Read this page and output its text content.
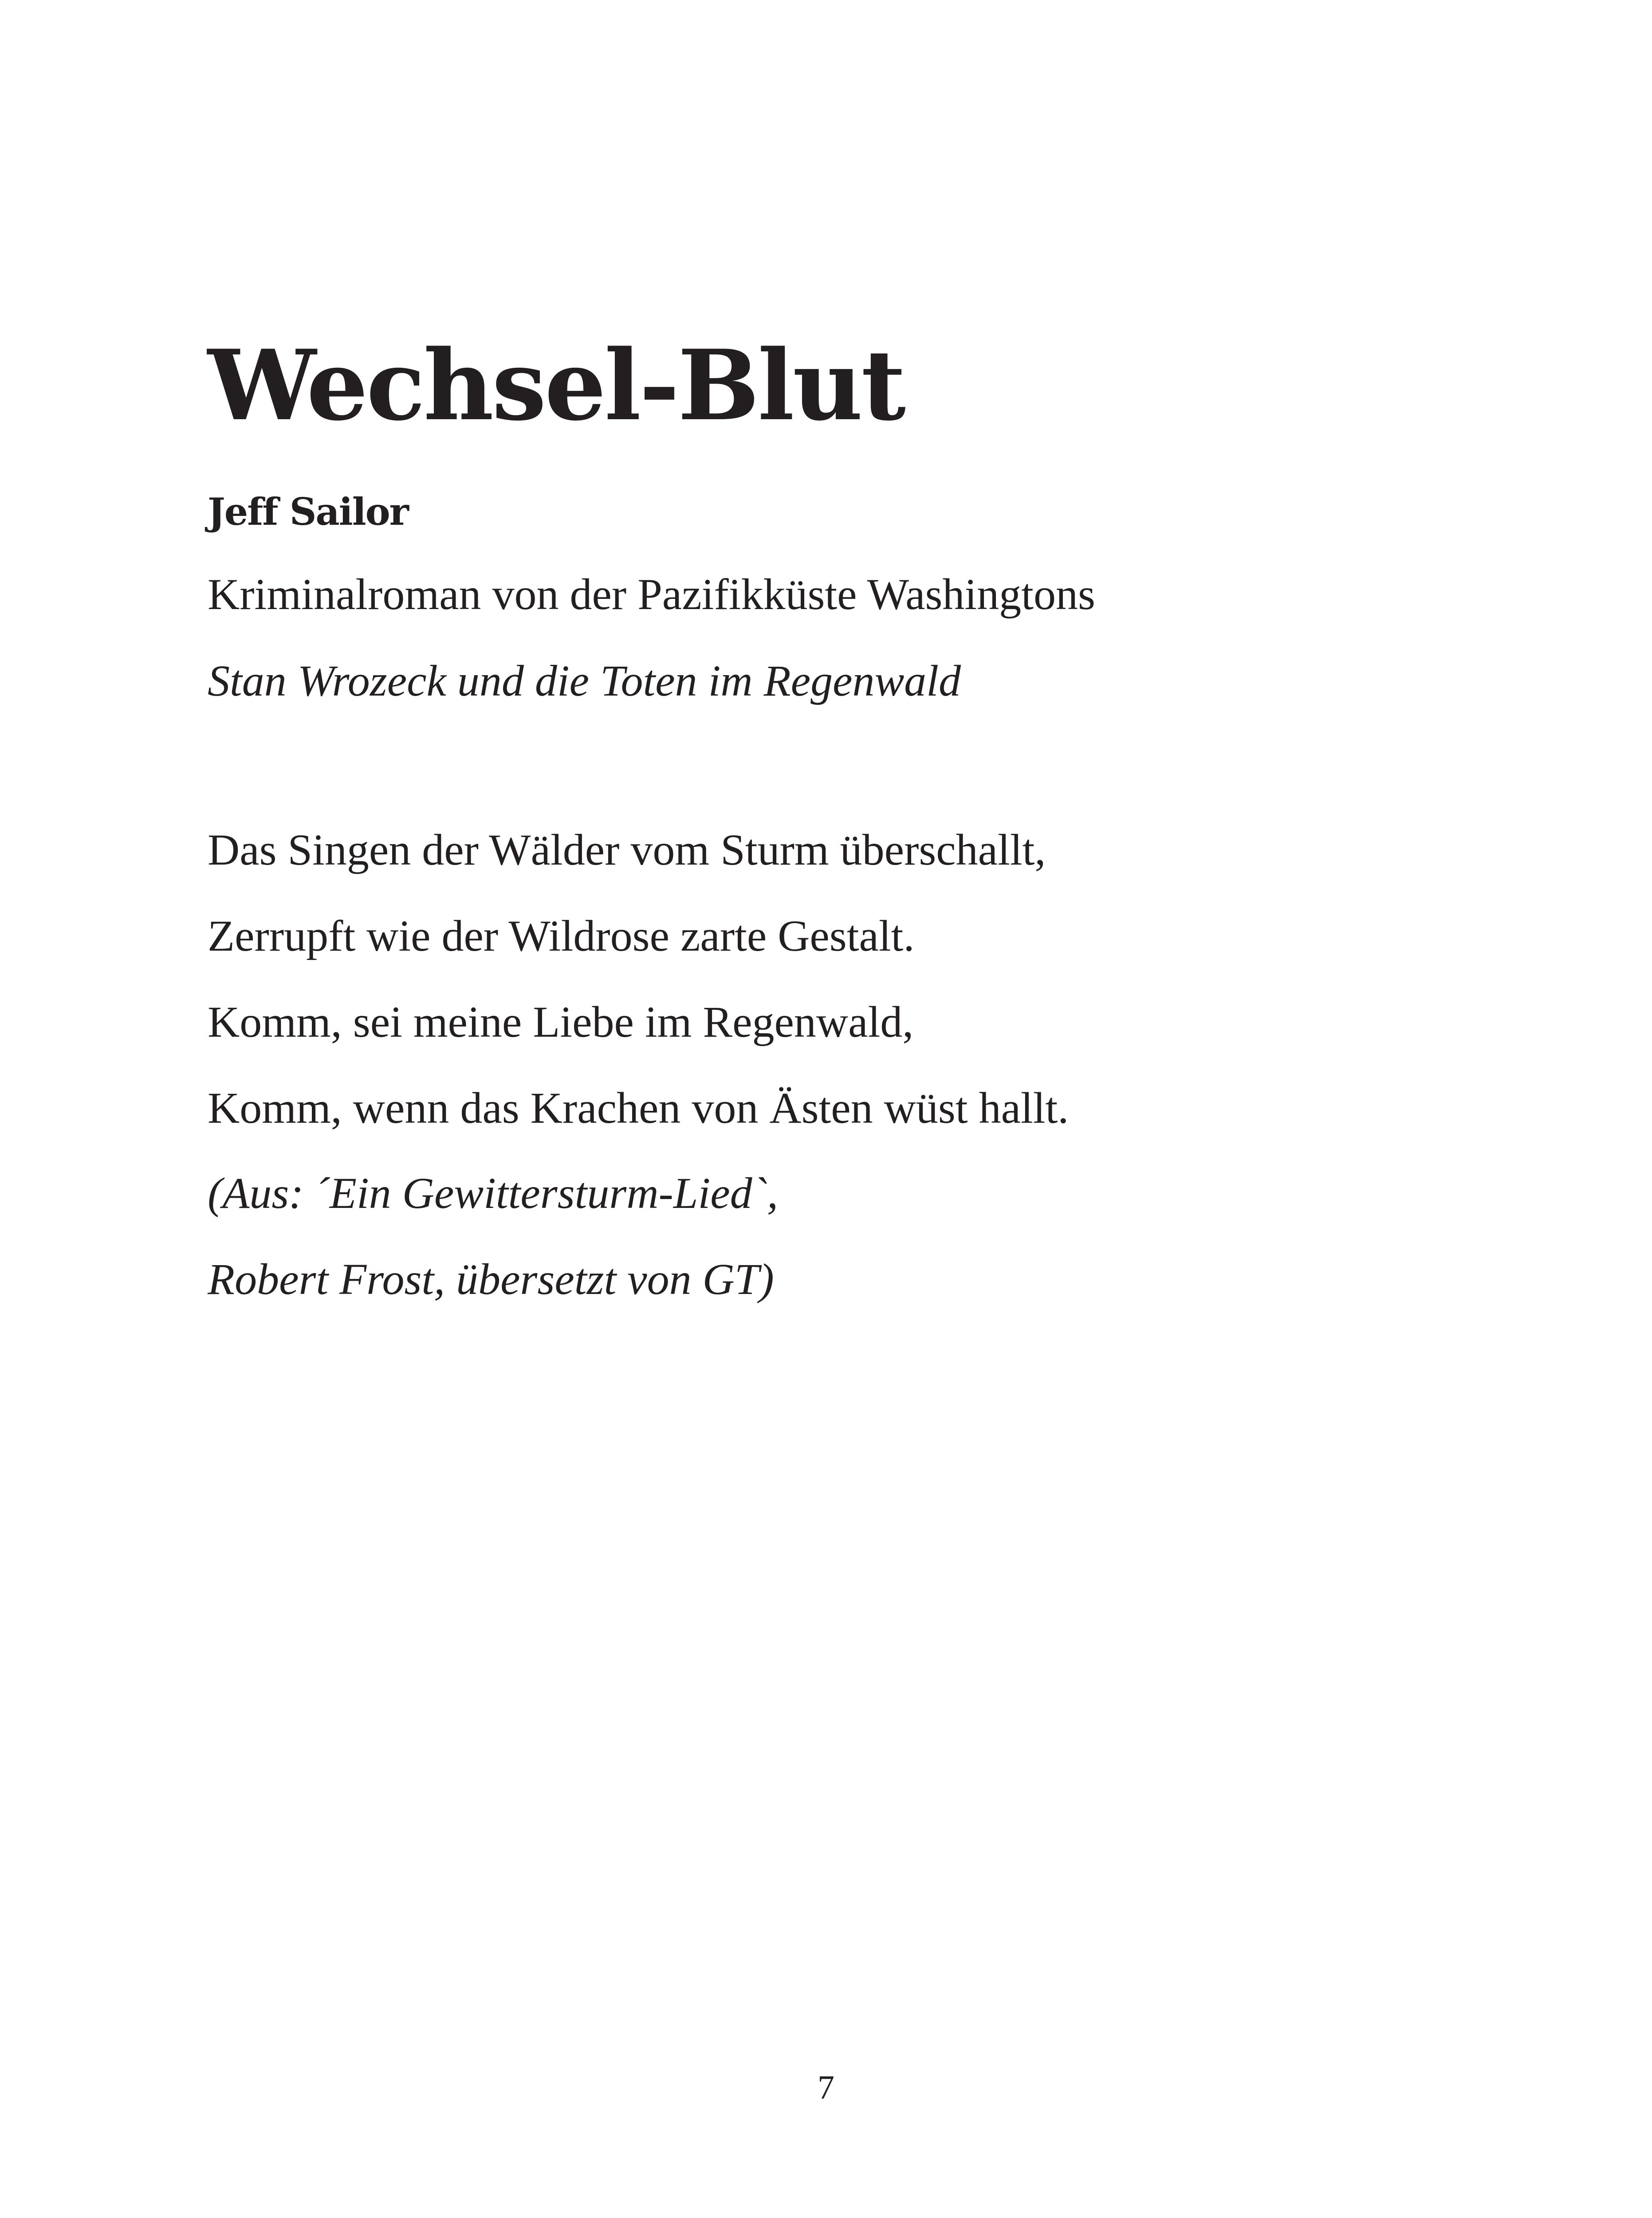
Wechsel-Blut
Jeff Sailor
Kriminalroman von der Pazifikküste Washingtons
Stan Wrozeck und die Toten im Regenwald
Das Singen der Wälder vom Sturm überschallt,
Zerrupft wie der Wildrose zarte Gestalt.
Komm, sei meine Liebe im Regenwald,
Komm, wenn das Krachen von Ästen wüst hallt.
(Aus: ´Ein Gewittersturm-Lied`,
Robert Frost, übersetzt von GT)
7
